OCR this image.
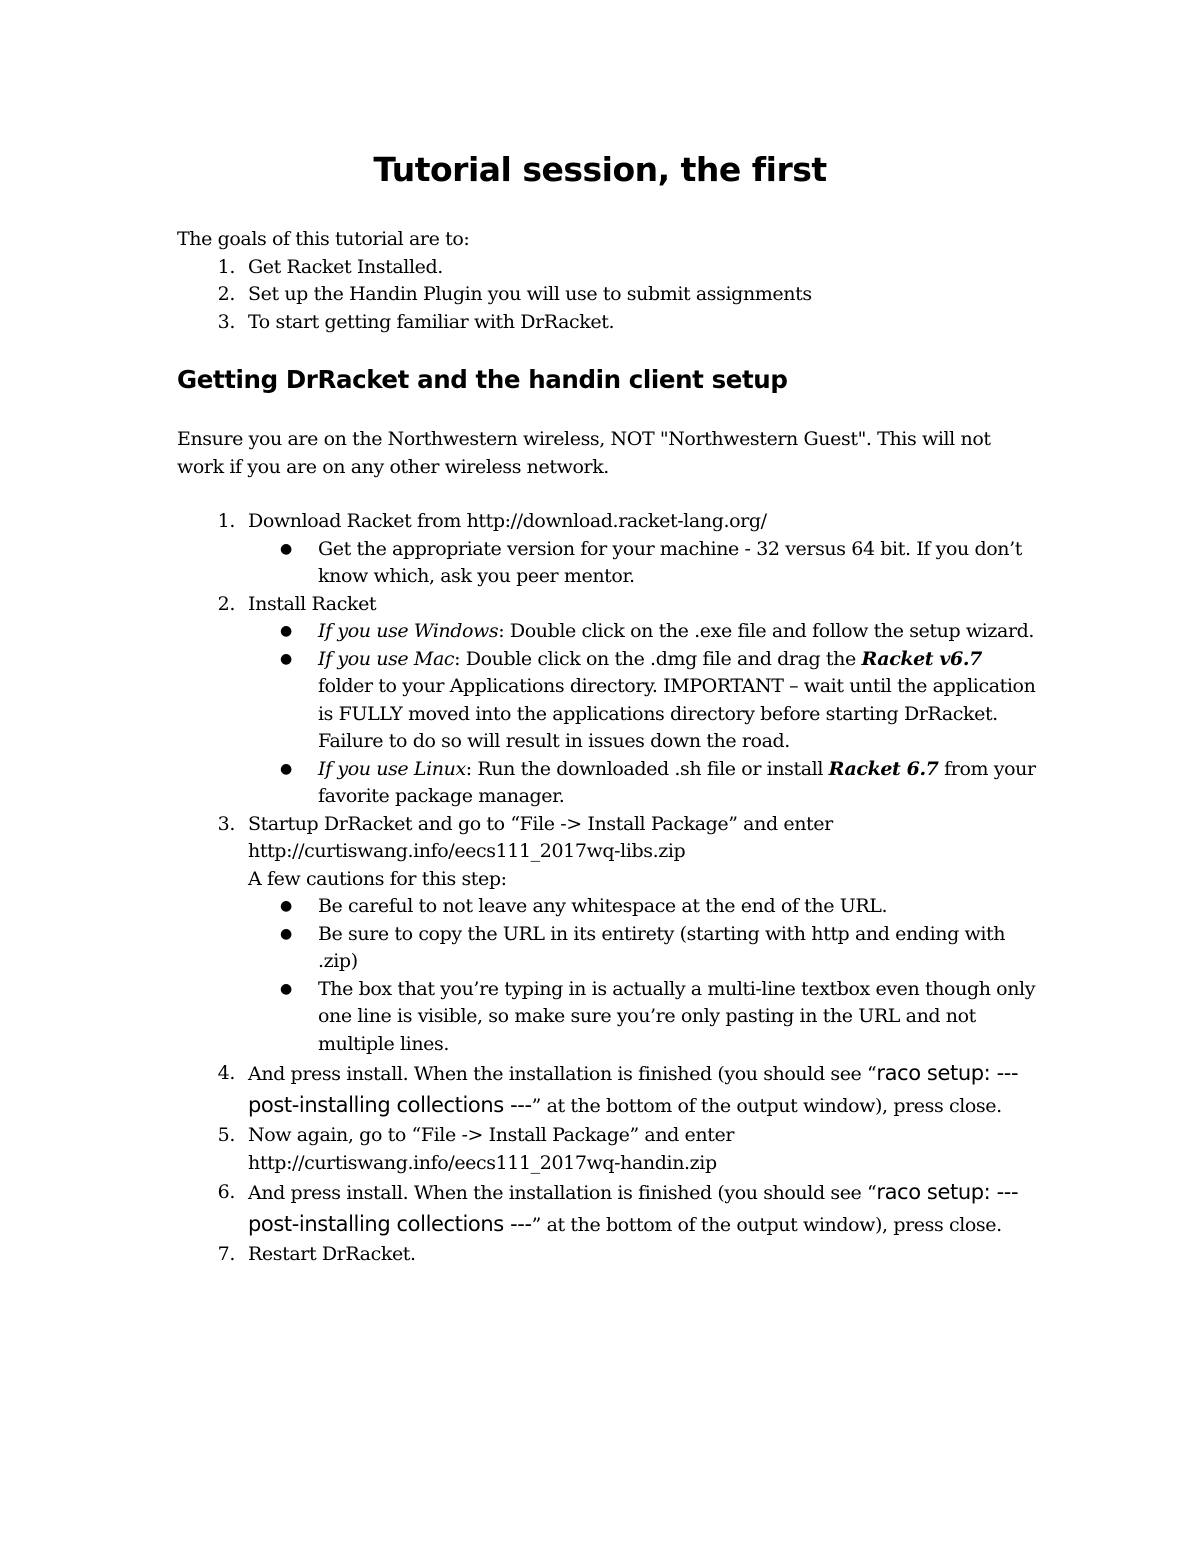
Tutorial session, the first

The goals of this tutorial are to:

1. Get Racket Installed.
2. Set up the Handin Plugin you will use to submit assignments
3. To start getting familiar with DrRacket.
Getting DrRacket and the handin client setup

Ensure you are on the Northwestern wireless, NOT "Northwestern Guest". This will not work if you are on any other wireless network.

1. Download Racket from http://download.racket-lang.org/
● Get the appropriate version for your machine - 32 versus 64 bit. If you don’t know which, ask you peer mentor.
2. Install Racket
● If you use Windows: Double click on the .exe file and follow the setup wizard.
● If you use Mac: Double click on the .dmg file and drag the Racket v6.7 folder to your Applications directory. IMPORTANT – wait until the application is FULLY moved into the applications directory before starting DrRacket. Failure to do so will result in issues down the road.
● If you use Linux: Run the downloaded .sh file or install Racket 6.7 from your favorite package manager.
3. Startup DrRacket and go to “File -> Install Package” and enter
http://curtiswang.info/eecs111_2017wq-libs.zip
A few cautions for this step:
● Be careful to not leave any whitespace at the end of the URL.
● Be sure to copy the URL in its entirety (starting with http and ending with .zip)
● The box that you’re typing in is actually a multi-line textbox even though only one line is visible, so make sure you’re only pasting in the URL and not multiple lines.
4. And press install. When the installation is finished (you should see “raco setup: --- post-installing collections ---” at the bottom of the output window), press close.
5. Now again, go to “File -> Install Package” and enter
http://curtiswang.info/eecs111_2017wq-handin.zip
6. And press install. When the installation is finished (you should see “raco setup: --- post-installing collections ---” at the bottom of the output window), press close.
7. Restart DrRacket.
